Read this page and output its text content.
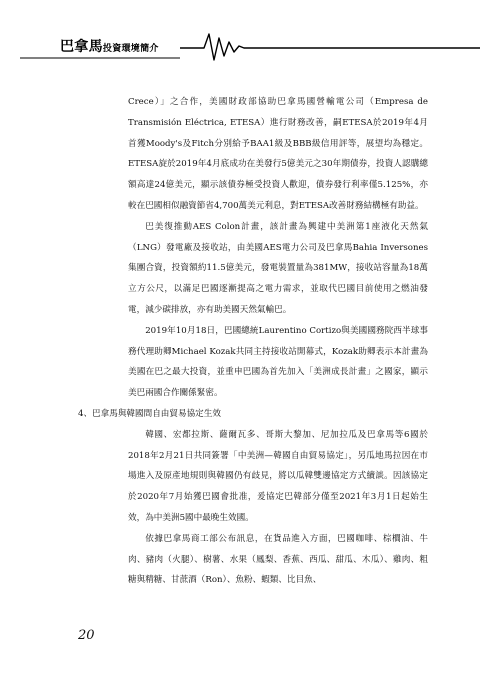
巴拿馬投資環境簡介

Crece）」之合作，美國財政部協助巴拿馬國營輸電公司（Empresa de Transmisión Eléctrica, ETESA）進行財務改善，嗣ETESA於2019年4月首獲Moody's及Fitch分別給予BAA1級及BBB級信用評等，展望均為穩定。ETESA旋於2019年4月底成功在美發行5億美元之30年期債券，投資人認購總額高達24億美元，顯示該債券極受投資人歡迎，債券發行利率僅5.125%，亦較在巴國相似融資節省4,700萬美元利息，對ETESA改善財務結構極有助益。

巴美復推動AES Colon計畫，該計畫為興建中美洲第1座液化天然氣（LNG）發電廠及接收站，由美國AES電力公司及巴拿馬Bahia Inversones集團合資，投資額約11.5億美元，發電裝置量為381MW，接收站容量為18萬立方公尺，以滿足巴國逐漸提高之電力需求，並取代巴國目前使用之燃油發電，減少碳排放，亦有助美國天然氣輸巴。

2019年10月18日，巴國總統Laurentino Cortizo與美國國務院西半球事務代理助卿Michael Kozak共同主持接收站開幕式，Kozak助卿表示本計畫為美國在巴之最大投資，並重申巴國為首先加入「美洲成長計畫」之國家，顯示美巴兩國合作關係緊密。

4、巴拿馬與韓國間自由貿易協定生效

韓國、宏都拉斯、薩爾瓦多、哥斯大黎加、尼加拉瓜及巴拿馬等6國於2018年2月21日共同簽署「中美洲—韓國自由貿易協定」，另瓜地馬拉因在市場進入及原產地規則與韓國仍有歧見，將以瓜韓雙邊協定方式續談。因該協定於2020年7月始獲巴國會批准，爰協定巴韓部分僅至2021年3月1日起始生效，為中美洲5國中最晚生效國。

依據巴拿馬商工部公布訊息，在貨品進入方面，巴國咖啡、棕櫚油、牛肉、豬肉（火腿）、樹薯、水果（鳳梨、香蕉、西瓜、甜瓜、木瓜）、雞肉、粗糖與精糖、甘蔗酒（Ron）、魚粉、蝦類、比目魚、

20
